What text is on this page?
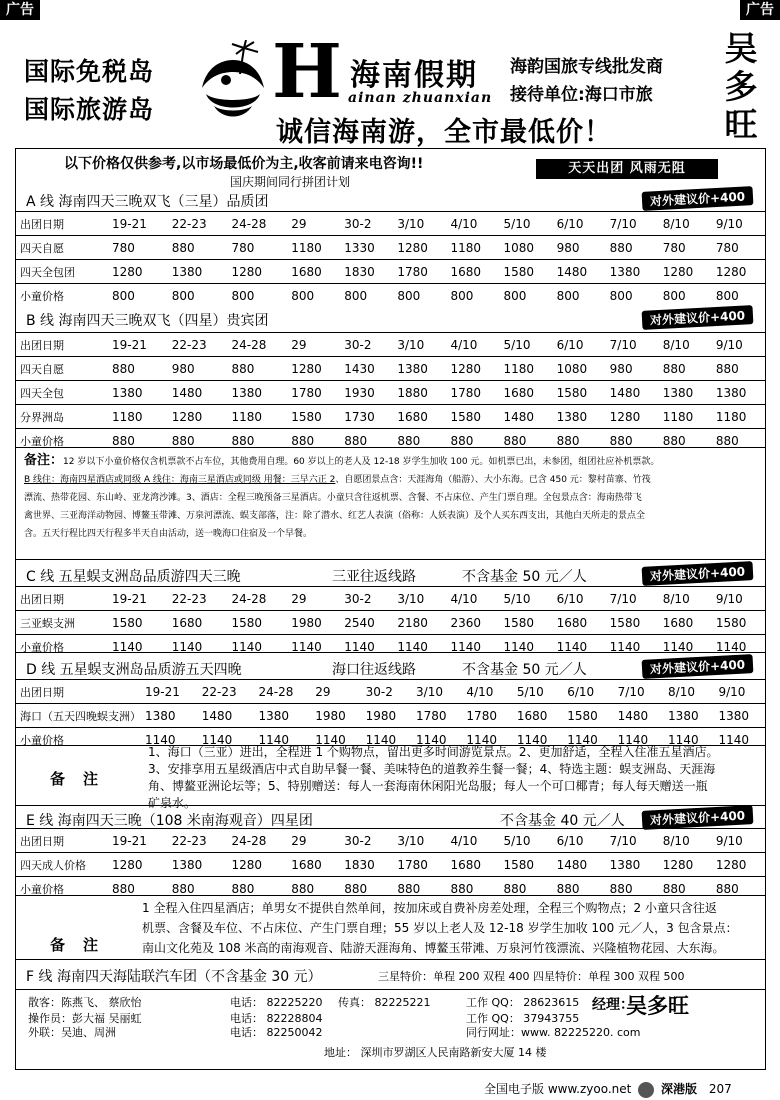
广告	广告
国际免税岛
国际旅游岛 H 海南假期
ainan zhuanxian
海韵国旅专线批发商
接待单位:海口市旅
吴多旺
诚信海南游，全市最低价！
以下价格仅供参考,以市场最低价为主,收客前请来电咨询!!
国庆期间同行拼团计划
天天出团 风雨无阻
A 线 海南四天三晚双飞（三星）品质团	对外建议价+400
出团日期	19-21	22-23	24-28	29	30-2	3/10	4/10	5/10	6/10	7/10	8/10	9/10
四天自愿	780	880	780	1180	1330	1280	1180	1080	980	880	780	780
四天全包团	1280	1380	1280	1680	1830	1780	1680	1580	1480	1380	1280	1280
小童价格	800	800	800	800	800	800	800	800	800	800	800	800
B 线 海南四天三晚双飞（四星）贵宾团	对外建议价+400
出团日期	19-21	22-23	24-28	29	30-2	3/10	4/10	5/10	6/10	7/10	8/10	9/10
四天自愿	880	980	880	1280	1430	1380	1280	1180	1080	980	880	880
四天全包	1380	1480	1380	1780	1930	1880	1780	1680	1580	1480	1380	1380
分界洲岛	1180	1280	1180	1580	1730	1680	1580	1480	1380	1280	1180	1180
小童价格	880	880	880	880	880	880	880	880	880	880	880	880
备注：12 岁以下小童价格仅含机票款不占车位，其他费用自理。60 岁以上的老人及 12-18 岁学生加收 100 元。如机票已出，未参团，组团社应补机票款。
B 线住：海南四星酒店或同级 A 线住：海南三星酒店或同级 用餐：三早六正 2、自愿团景点含：天涯海角（船游）、大小东海。已含 450 元：黎村苗寨、竹筏
漂流、热带花园、东山岭、亚龙湾沙滩。3、酒店：全程三晚预备三星酒店。小童只含往返机票、含餐、不占床位、产生门票自理。全包景点含：海南热带飞
禽世界、三亚海洋动物园、博鳌玉带滩、万泉河漂流、蜈支部落，注：除了潜水、红艺人表演（俗称：人妖表演）及个人买东西支出，其他白天所走的景点全
含。五天行程比四天行程多半天自由活动，送一晚海口住宿及一个早餐。
C 线 五星蜈支洲岛品质游四天三晚	三亚往返线路	不含基金 50 元／人	对外建议价+400
出团日期	19-21	22-23	24-28	29	30-2	3/10	4/10	5/10	6/10	7/10	8/10	9/10
三亚蜈支洲	1580	1680	1580	1980	2540	2180	2360	1580	1680	1580	1680	1580
小童价格	1140	1140	1140	1140	1140	1140	1140	1140	1140	1140	1140	1140
D 线 五星蜈支洲岛品质游五天四晚	海口往返线路	不含基金 50 元／人	对外建议价+400
出团日期	19-21	22-23	24-28	29	30-2	3/10	4/10	5/10	6/10	7/10	8/10	9/10
海口（五天四晚蜈支洲）	1380	1480	1380	1980	1980	1780	1780	1680	1580	1480	1380	1380
小童价格	1140	1140	1140	1140	1140	1140	1140	1140	1140	1140	1140	1140
备注
1、海口（三亚）进出，全程进 1 个购物点，留出更多时间游览景点。2、更加舒适，全程入住准五星酒店。
3、安排享用五星级酒店中式自助早餐一餐、美味特色的道教养生餐一餐；4、特选主题：蜈支洲岛、天涯海
角、博鳌亚洲论坛等；5、特别赠送：每人一套海南休闲阳光岛服；每人一个可口椰青；每人每天赠送一瓶
矿泉水。
E 线 海南四天三晚（108 米南海观音）四星团	不含基金 40 元／人	对外建议价+400
出团日期	19-21	22-23	24-28	29	30-2	3/10	4/10	5/10	6/10	7/10	8/10	9/10
四天成人价格	1280	1380	1280	1680	1830	1780	1680	1580	1480	1380	1280	1280
小童价格	880	880	880	880	880	880	880	880	880	880	880	880
备注
1 全程入住四星酒店；单男女不提供自然单间，按加床或自费补房差处理，全程三个购物点；2 小童只含往返
机票、含餐及车位、不占床位、产生门票自理；55 岁以上老人及 12-18 岁学生加收 100 元／人，3 包含景点：
南山文化苑及 108 米高的南海观音、陆游天涯海角、博鳌玉带滩、万泉河竹筏漂流、兴隆植物花园、大东海。
F 线 海南四天海陆联汽车团（不含基金 30 元）	三星特价：单程 200 双程 400 四星特价：单程 300 双程 500
散客：陈燕飞、 蔡欣怡
操作员：彭大福 吴丽虹
外联：吴迪、周洲
电话： 82225220 传真： 82225221
电话： 82228804
电话： 82250042
工作 QQ： 28623615
工作 QQ： 37943755
同行网址：www. 82225220. com
经理：
吴多旺
地址： 深圳市罗湖区人民南路新安大厦 14 楼
全国电子版 www.zyoo.net 深港版 207
